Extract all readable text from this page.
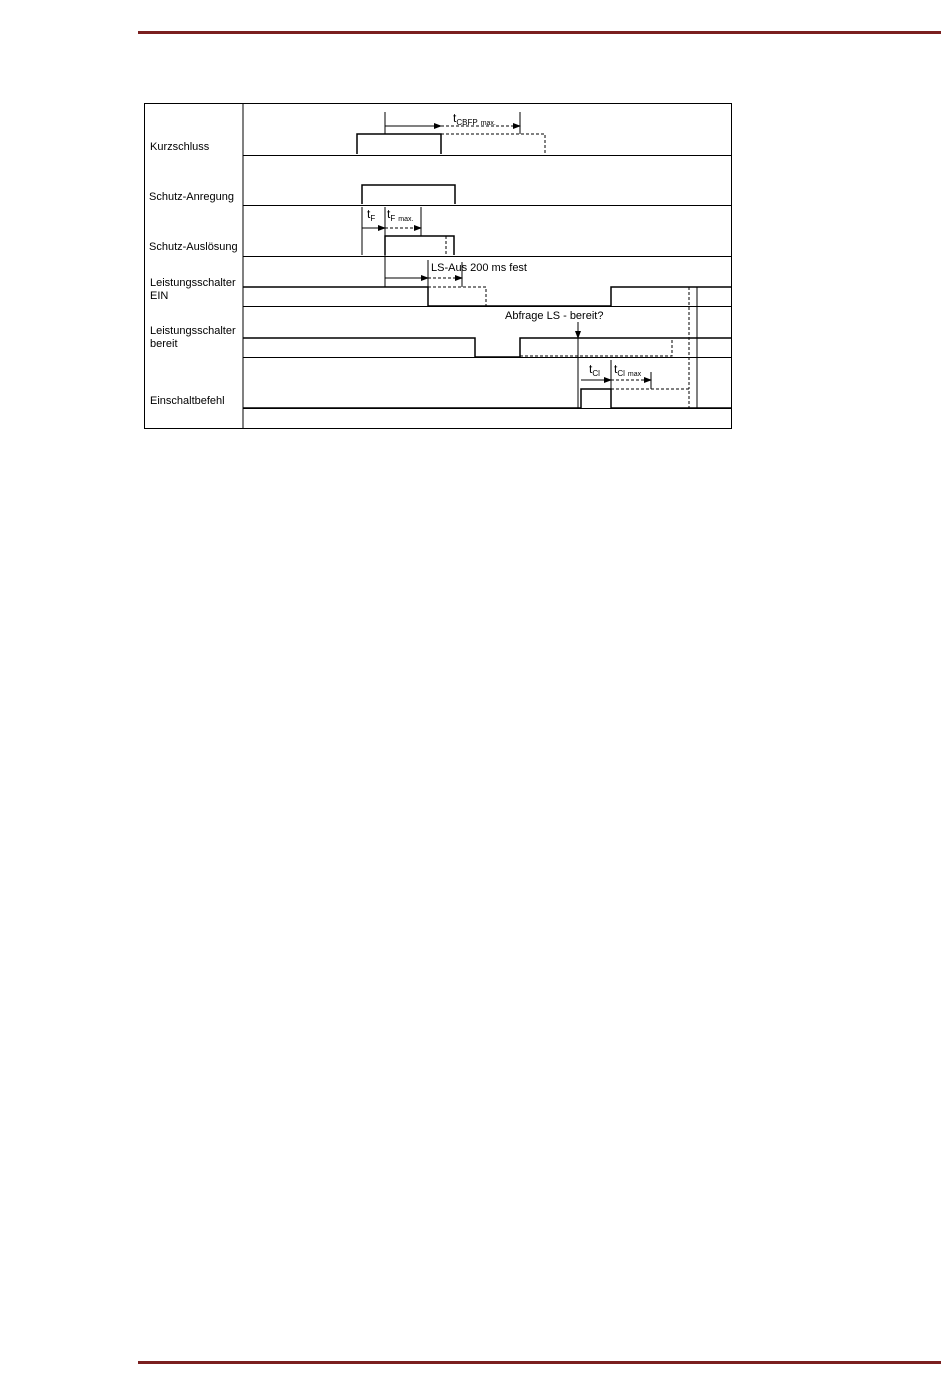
Kurzschluss
Schutz-Anregung
Schutz-Auslösung
Leistungsschalter
EIN
Leistungsschalter
bereit
Einschaltbefehl
tCBFP max.
tF tF max.
LS-Aus 200 ms fest
Abfrage LS - bereit?
tCl tCl max
